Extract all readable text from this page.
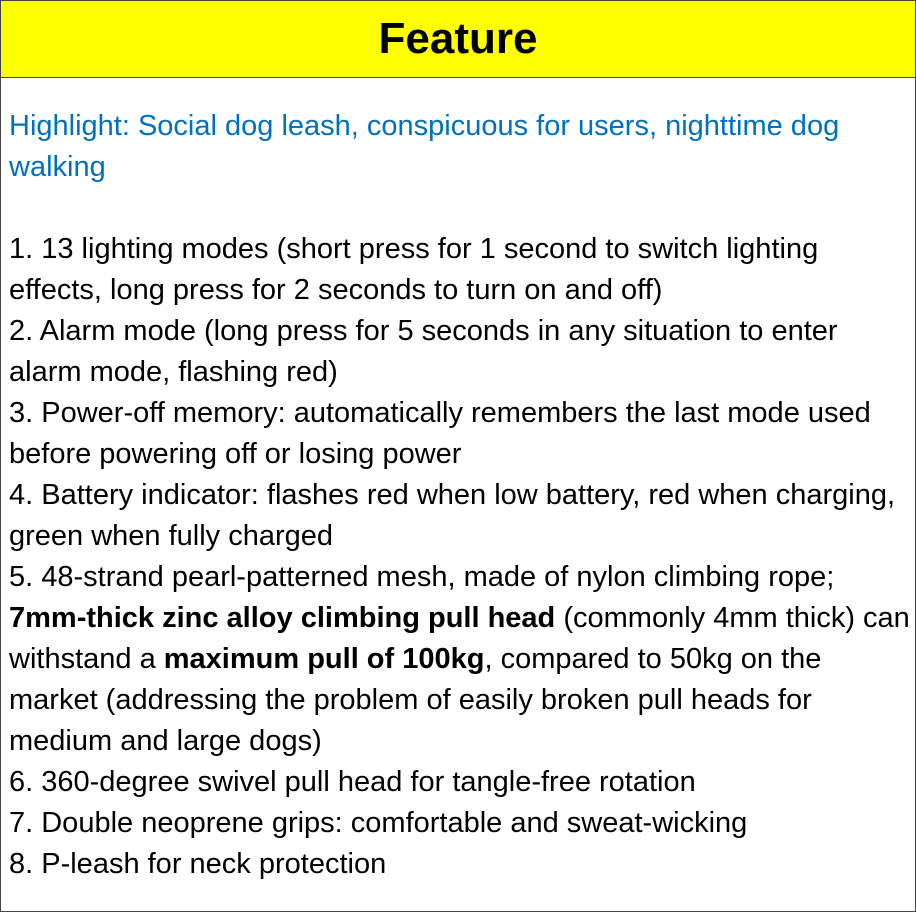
Feature
Highlight: Social dog leash, conspicuous for users, nighttime dog walking

1. 13 lighting modes (short press for 1 second to switch lighting effects, long press for 2 seconds to turn on and off)

2. Alarm mode (long press for 5 seconds in any situation to enter alarm mode, flashing red)

3. Power-off memory: automatically remembers the last mode used before powering off or losing power

4. Battery indicator: flashes red when low battery, red when charging, green when fully charged

5. 48-strand pearl-patterned mesh, made of nylon climbing rope; 7mm-thick zinc alloy climbing pull head (commonly 4mm thick) can withstand a maximum pull of 100kg, compared to 50kg on the market (addressing the problem of easily broken pull heads for medium and large dogs)

6. 360-degree swivel pull head for tangle-free rotation

7. Double neoprene grips: comfortable and sweat-wicking

8. P-leash for neck protection
